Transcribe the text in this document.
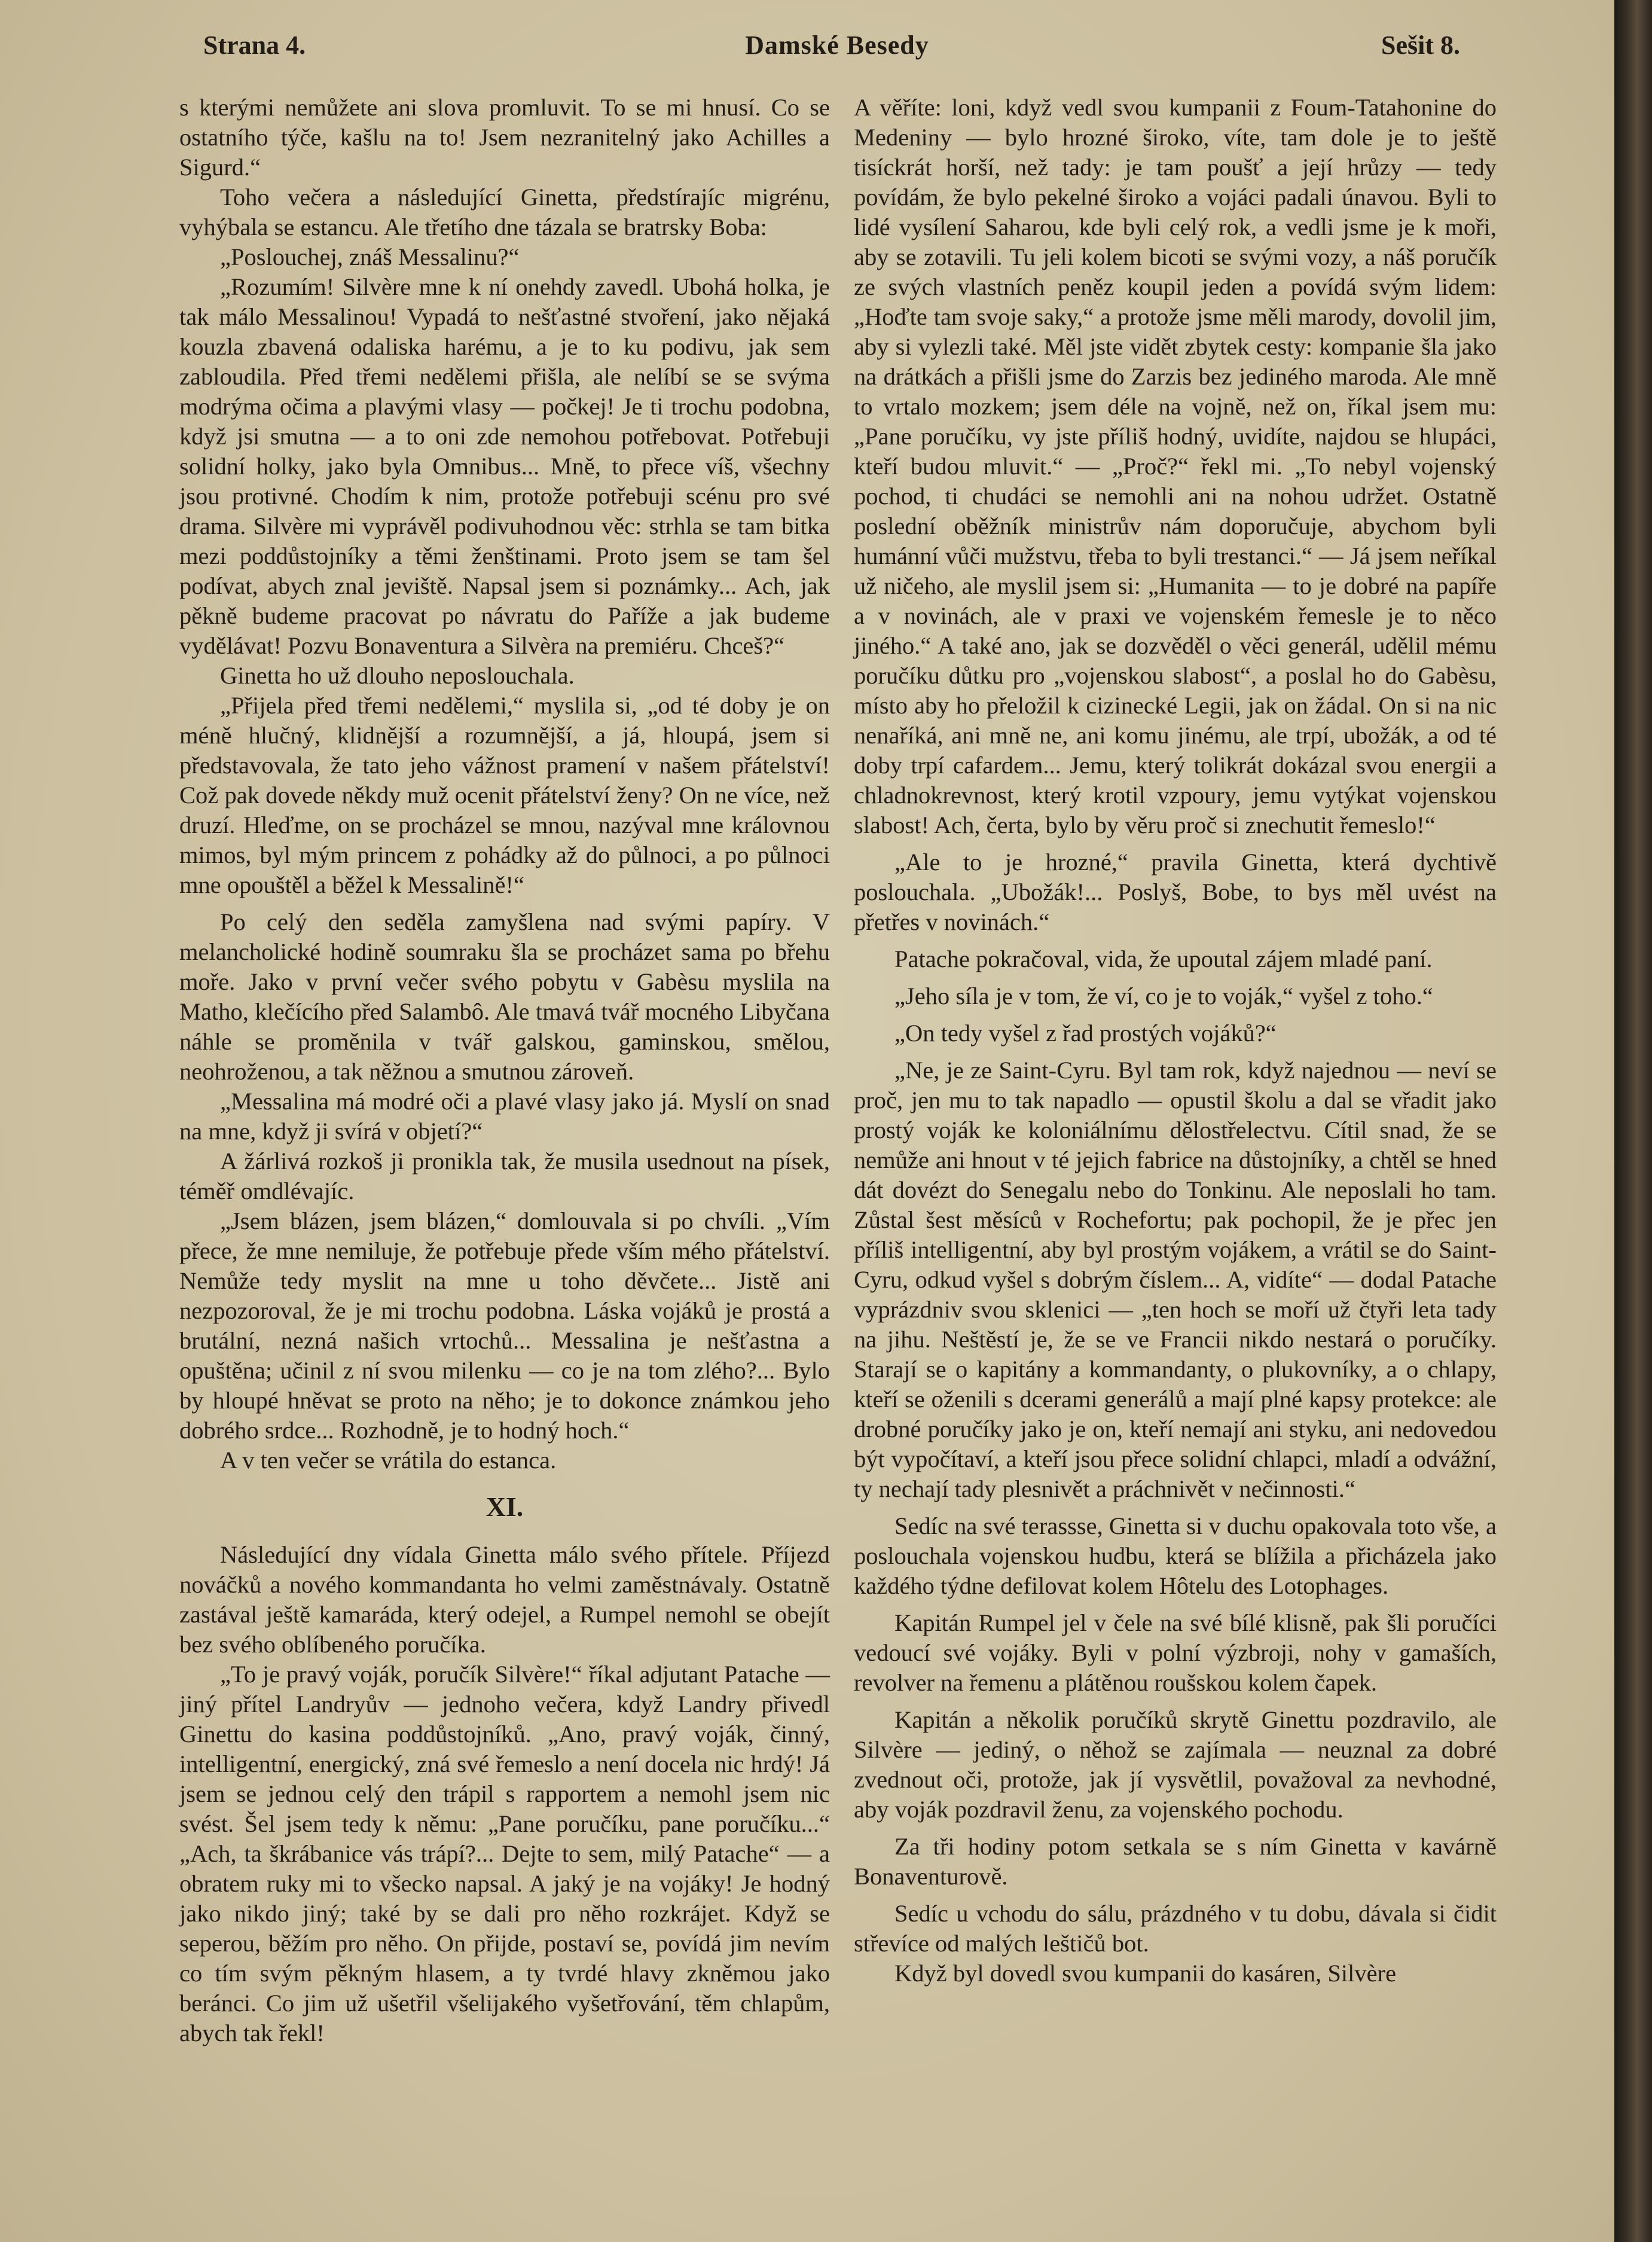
Strana 4.	Damské Besedy	Sešit 8.

s kterými nemůžete ani slova promluvit. To se mi hnusí. Co se ostatního týče, kašlu na to! Jsem nezranitelný jako Achilles a Sigurd.“

Toho večera a následující Ginetta, předstírajíc migrénu, vyhýbala se estancu. Ale třetího dne tázala se bratrsky Boba:

„Poslouchej, znáš Messalinu?“

„Rozumím! Silvère mne k ní onehdy zavedl. Ubohá holka, je tak málo Messalinou! Vypadá to nešťastné stvoření, jako nějaká kouzla zbavená odaliska harému, a je to ku podivu, jak sem zabloudila. Před třemi nedělemi přišla, ale nelíbí se se svýma modrýma očima a plavými vlasy — počkej! Je ti trochu podobna, když jsi smutna — a to oni zde nemohou potřebovat. Potřebuji solidní holky, jako byla Omnibus... Mně, to přece víš, všechny jsou protivné. Chodím k nim, protože potřebuji scénu pro své drama. Silvère mi vyprávěl podivuhodnou věc: strhla se tam bitka mezi poddůstojníky a těmi ženštinami. Proto jsem se tam šel podívat, abych znal jeviště. Napsal jsem si poznámky... Ach, jak pěkně budeme pracovat po návratu do Paříže a jak budeme vydělávat! Pozvu Bonaventura a Silvèra na premiéru. Chceš?“

Ginetta ho už dlouho neposlouchala.

„Přijela před třemi nedělemi,“ myslila si, „od té doby je on méně hlučný, klidnější a rozumnější, a já, hloupá, jsem si představovala, že tato jeho vážnost pramení v našem přátelství! Což pak dovede někdy muž ocenit přátelství ženy? On ne více, než druzí. Hleďme, on se procházel se mnou, nazýval mne královnou mimos, byl mým princem z pohádky až do půlnoci, a po půlnoci mne opouštěl a běžel k Messalině!“

Po celý den seděla zamyšlena nad svými papíry. V melancholické hodině soumraku šla se procházet sama po břehu moře. Jako v první večer svého pobytu v Gabèsu myslila na Matho, klečícího před Salambô. Ale tmavá tvář mocného Libyčana náhle se proměnila v tvář galskou, gaminskou, smělou, neohroženou, a tak něžnou a smutnou zároveň.

„Messalina má modré oči a plavé vlasy jako já. Myslí on snad na mne, když ji svírá v objetí?“

A žárlivá rozkoš ji pronikla tak, že musila usednout na písek, téměř omdlévajíc.

„Jsem blázen, jsem blázen,“ domlouvala si po chvíli. „Vím přece, že mne nemiluje, že potřebuje přede vším mého přátelství. Nemůže tedy myslit na mne u toho děvčete... Jistě ani nezpozoroval, že je mi trochu podobna. Láska vojáků je prostá a brutální, nezná našich vrtochů... Messalina je nešťastna a opuštěna; učinil z ní svou milenku — co je na tom zlého?... Bylo by hloupé hněvat se proto na něho; je to dokonce známkou jeho dobrého srdce... Rozhodně, je to hodný hoch.“

A v ten večer se vrátila do estanca.

XI.

Následující dny vídala Ginetta málo svého přítele. Příjezd nováčků a nového kommandanta ho velmi zaměstnávaly. Ostatně zastával ještě kamaráda, který odejel, a Rumpel nemohl se obejít bez svého oblíbeného poručíka.

„To je pravý voják, poručík Silvère!“ říkal adjutant Patache — jiný přítel Landryův — jednoho večera, když Landry přivedl Ginettu do kasina poddůstojníků. „Ano, pravý voják, činný, intelligentní, energický, zná své řemeslo a není docela nic hrdý! Já jsem se jednou celý den trápil s rapportem a nemohl jsem nic svést. Šel jsem tedy k němu: „Pane poručíku, pane poručíku...“ „Ach, ta škrábanice vás trápí?... Dejte to sem, milý Patache“ — a obratem ruky mi to všecko napsal. A jaký je na vojáky! Je hodný jako nikdo jiný; také by se dali pro něho rozkrájet. Když se seperou, běžím pro něho. On přijde, postaví se, povídá jim nevím co tím svým pěkným hlasem, a ty tvrdé hlavy zkněmou jako beránci. Co jim už ušetřil všelijakého vyšetřování, těm chlapům, abych tak řekl!

A věříte: loni, když vedl svou kumpanii z Foum-Tatahonine do Medeniny — bylo hrozné široko, víte, tam dole je to ještě tisíckrát horší, než tady: je tam poušť a její hrůzy — tedy povídám, že bylo pekelné široko a vojáci padali únavou. Byli to lidé vysílení Saharou, kde byli celý rok, a vedli jsme je k moři, aby se zotavili. Tu jeli kolem bicoti se svými vozy, a náš poručík ze svých vlastních peněz koupil jeden a povídá svým lidem: „Hoďte tam svoje saky,“ a protože jsme měli marody, dovolil jim, aby si vylezli také. Měl jste vidět zbytek cesty: kompanie šla jako na drátkách a přišli jsme do Zarzis bez jediného maroda. Ale mně to vrtalo mozkem; jsem déle na vojně, než on, říkal jsem mu: „Pane poručíku, vy jste příliš hodný, uvidíte, najdou se hlupáci, kteří budou mluvit.“ — „Proč?“ řekl mi. „To nebyl vojenský pochod, ti chudáci se nemohli ani na nohou udržet. Ostatně poslední oběžník ministrův nám doporučuje, abychom byli humánní vůči mužstvu, třeba to byli trestanci.“ — Já jsem neříkal už ničeho, ale myslil jsem si: „Humanita — to je dobré na papíře a v novinách, ale v praxi ve vojenském řemesle je to něco jiného.“ A také ano, jak se dozvěděl o věci generál, udělil mému poručíku důtku pro „vojenskou slabost“, a poslal ho do Gabèsu, místo aby ho přeložil k cizinecké Legii, jak on žádal. On si na nic nenaříká, ani mně ne, ani komu jinému, ale trpí, ubožák, a od té doby trpí cafardem... Jemu, který tolikrát dokázal svou energii a chladnokrevnost, který krotil vzpoury, jemu vytýkat vojenskou slabost! Ach, čerta, bylo by věru proč si znechutit řemeslo!“

„Ale to je hrozné,“ pravila Ginetta, která dychtivě poslouchala. „Ubožák!... Poslyš, Bobe, to bys měl uvést na přetřes v novinách.“

Patache pokračoval, vida, že upoutal zájem mladé paní.

„Jeho síla je v tom, že ví, co je to voják,“ vyšel z toho.“

„On tedy vyšel z řad prostých vojáků?“

„Ne, je ze Saint-Cyru. Byl tam rok, když najednou — neví se proč, jen mu to tak napadlo — opustil školu a dal se vřadit jako prostý voják ke koloniálnímu dělostřelectvu. Cítil snad, že se nemůže ani hnout v té jejich fabrice na důstojníky, a chtěl se hned dát dovézt do Senegalu nebo do Tonkinu. Ale neposlali ho tam. Zůstal šest měsíců v Rochefortu; pak pochopil, že je přec jen příliš intelligentní, aby byl prostým vojákem, a vrátil se do Saint-Cyru, odkud vyšel s dobrým číslem... A, vidíte“ — dodal Patache vyprázdniv svou sklenici — „ten hoch se moří už čtyři leta tady na jihu. Neštěstí je, že se ve Francii nikdo nestará o poručíky. Starají se o kapitány a kommandanty, o plukovníky, a o chlapy, kteří se oženili s dcerami generálů a mají plné kapsy protekce: ale drobné poručíky jako je on, kteří nemají ani styku, ani nedovedou být vypočítaví, a kteří jsou přece solidní chlapci, mladí a odvážní, ty nechají tady plesnivět a práchnivět v nečinnosti.“

Sedíc na své terassse, Ginetta si v duchu opakovala toto vše, a poslouchala vojenskou hudbu, která se blížila a přicházela jako každého týdne defilovat kolem Hôtelu des Lotophages.

Kapitán Rumpel jel v čele na své bílé klisně, pak šli poručíci vedoucí své vojáky. Byli v polní výzbroji, nohy v gamaších, revolver na řemenu a plátěnou roušskou kolem čapek.

Kapitán a několik poručíků skrytě Ginettu pozdravilo, ale Silvère — jediný, o něhož se zajímala — neuznal za dobré zvednout oči, protože, jak jí vysvětlil, považoval za nevhodné, aby voják pozdravil ženu, za vojenského pochodu.

Za tři hodiny potom setkala se s ním Ginetta v kavárně Bonaventurově.

Sedíc u vchodu do sálu, prázdného v tu dobu, dávala si čidit střevíce od malých leštičů bot.

Když byl dovedl svou kumpanii do kasáren, Silvère
